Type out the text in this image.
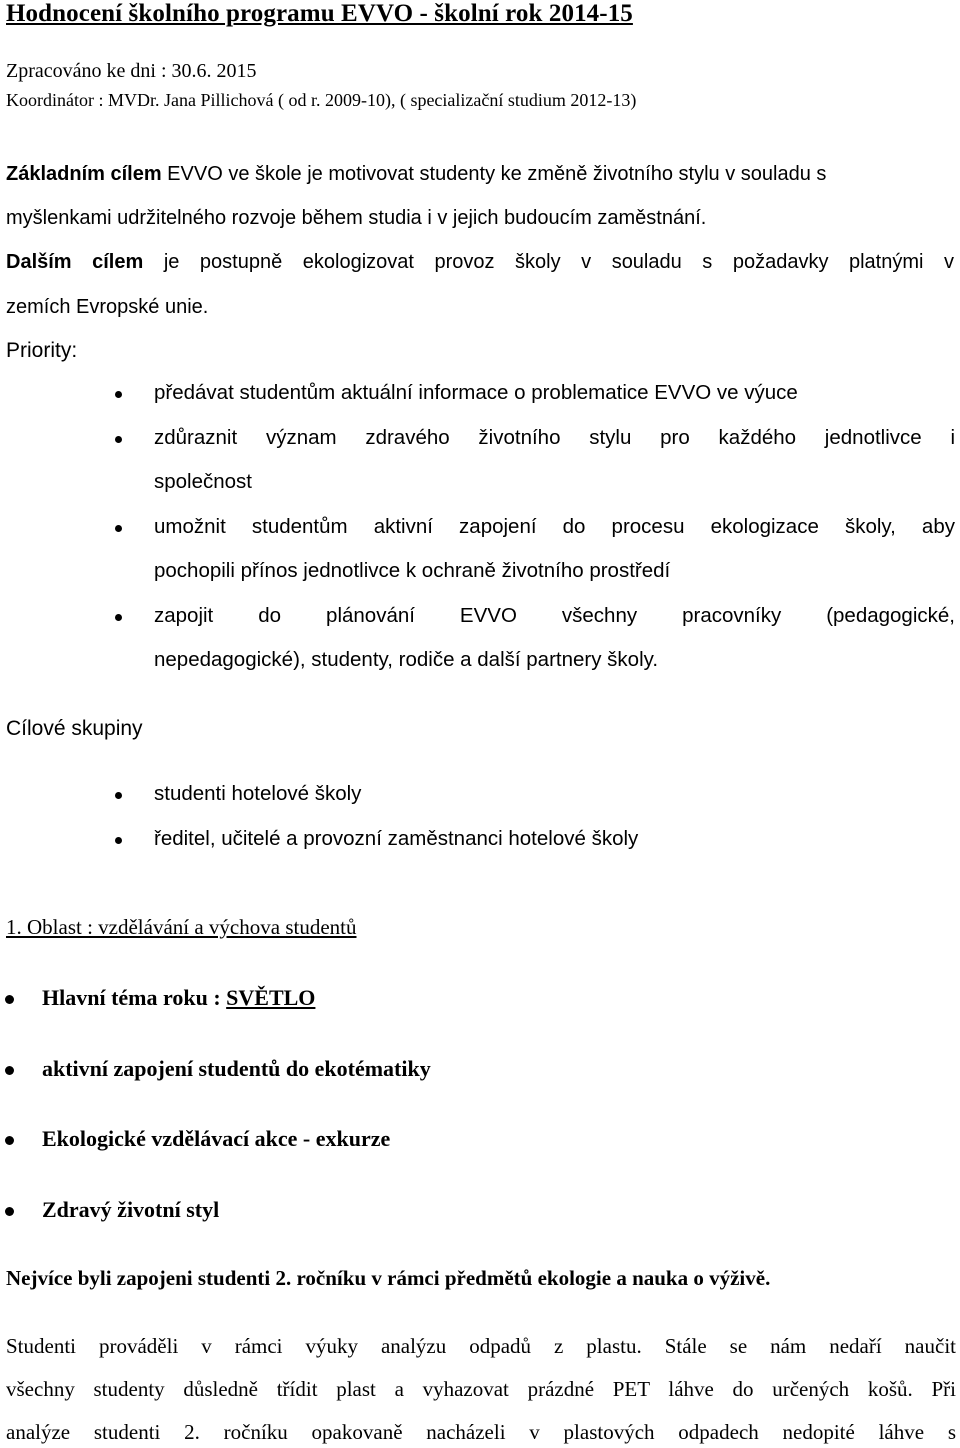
Hodnocení školního programu EVVO - školní rok 2014-15

Zpracováno ke dni : 30.6. 2015

Koordinátor : MVDr. Jana Pillichová ( od r. 2009-10), ( specializační studium 2012-13)

Základním cílem EVVO ve škole je motivovat studenty ke změně životního stylu v souladu s

myšlenkami udržitelného rozvoje během studia i v jejich budoucím zaměstnání.

Dalším cílem je postupně ekologizovat provoz školy v souladu s požadavky platnými v

zemích Evropské unie.

Priority:

předávat studentům aktuální informace o problematice EVVO ve výuce

zdůraznit význam zdravého životního stylu pro každého jednotlivce i

společnost

umožnit studentům aktivní zapojení do procesu ekologizace školy, aby

pochopili přínos jednotlivce k ochraně životního prostředí

zapojit do plánování EVVO všechny pracovníky (pedagogické,

nepedagogické), studenty, rodiče a další partnery školy.

Cílové skupiny

studenti hotelové školy

ředitel, učitelé a provozní zaměstnanci hotelové školy

1. Oblast : vzdělávání a výchova studentů

Hlavní téma roku : SVĚTLO

aktivní zapojení studentů do ekotématiky

Ekologické vzdělávací akce - exkurze

Zdravý životní styl

Nejvíce byli zapojeni studenti 2. ročníku v rámci předmětů ekologie a nauka o výživě.

Studenti prováděli v rámci výuky analýzu odpadů z plastu. Stále se nám nedaří naučit

všechny studenty důsledně třídit plast a vyhazovat prázdné PET láhve do určených košů. Při

analýze studenti 2. ročníku opakovaně nacházeli v plastových odpadech nedopité láhve s
